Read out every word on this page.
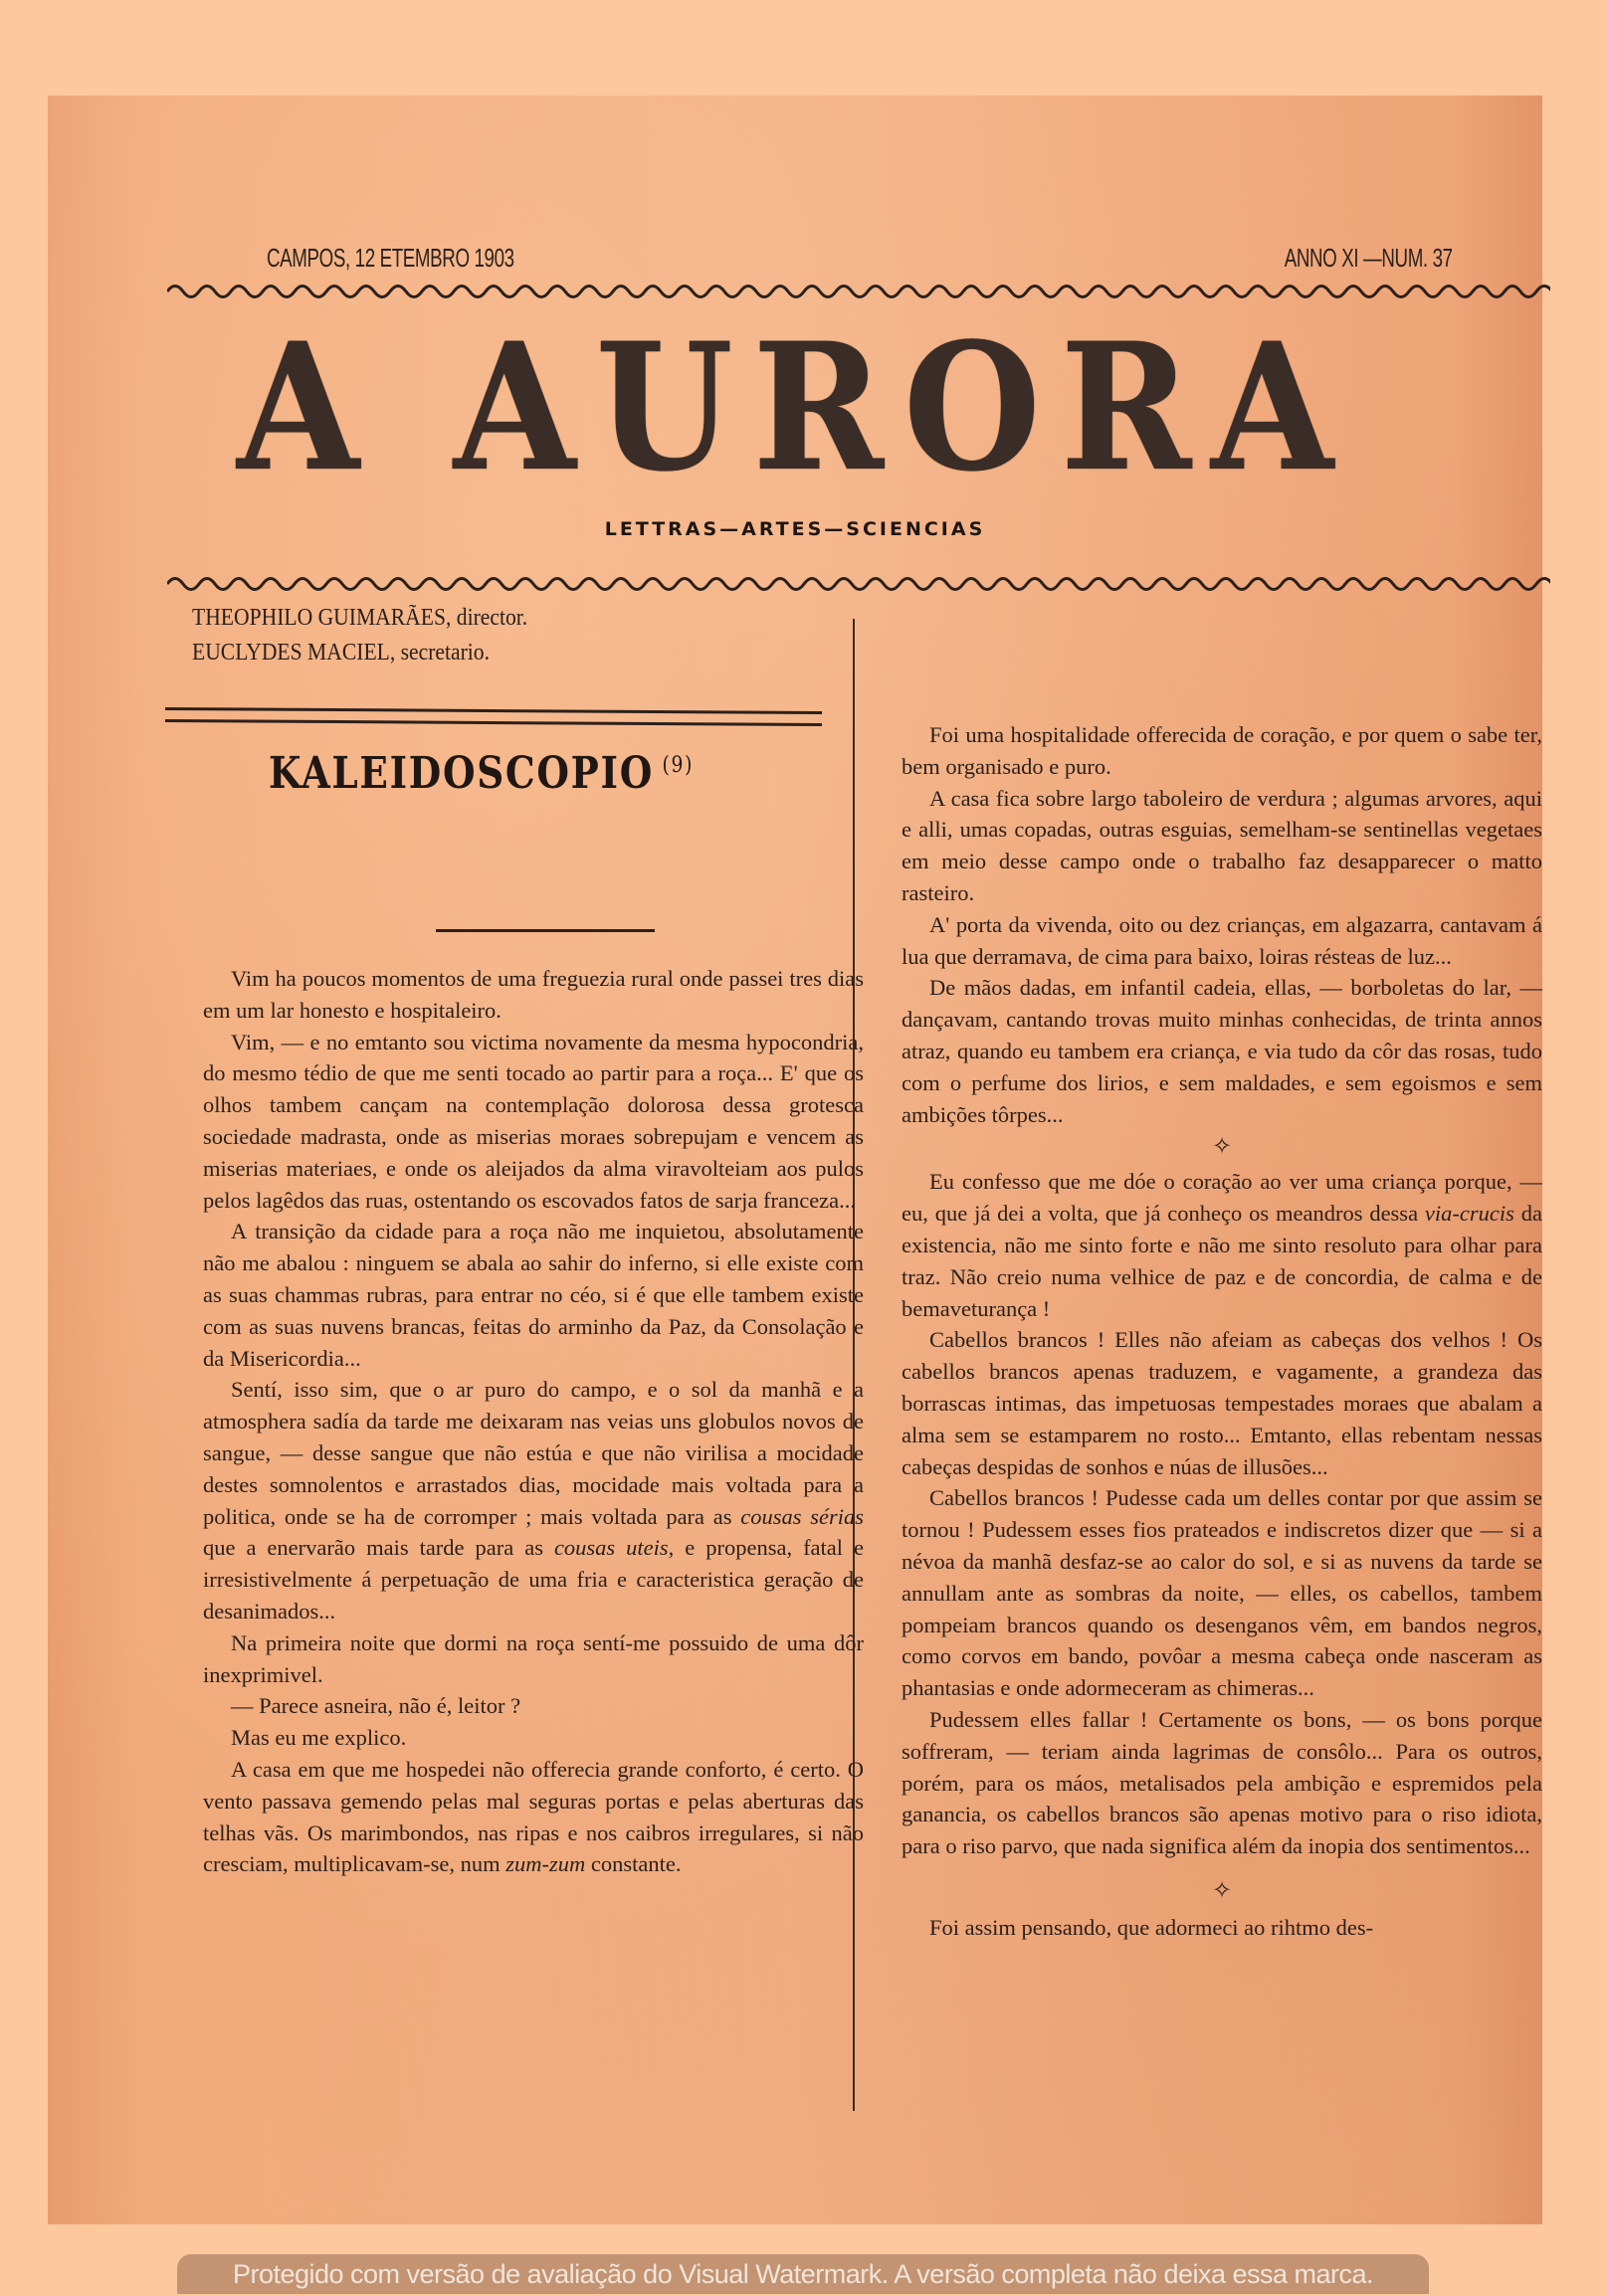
CAMPOS, 12 ETEMBRO 1903	ANNO XI —NUM. 37
A AURORA
LETTRAS—ARTES—SCIENCIAS
THEOPHILO GUIMARÃES, director.
EUCLYDES MACIEL, secretario.
KALEIDOSCOPIO $^{(9)}$

Vim ha poucos momentos de uma freguezia rural onde passei tres dias em um lar honesto e hospitaleiro.

Vim, — e no emtanto sou victima novamente da mesma hypocondria, do mesmo tédio de que me senti tocado ao partir para a roça... E' que os olhos tambem cançam na contemplação dolorosa dessa grotesca sociedade madrasta, onde as miserias moraes sobrepujam e vencem as miserias materiaes, e onde os aleijados da alma viravolteiam aos pulos pelos lagêdos das ruas, ostentando os escovados fatos de sarja franceza...

A transição da cidade para a roça não me inquietou, absolutamente não me abalou : ninguem se abala ao sahir do inferno, si elle existe com as suas chammas rubras, para entrar no céo, si é que elle tambem existe com as suas nuvens brancas, feitas do arminho da Paz, da Consolação e da Misericordia...

Sentí, isso sim, que o ar puro do campo, e o sol da manhã e a atmosphera sadía da tarde me deixaram nas veias uns globulos novos de sangue, — desse sangue que não estúa e que não virilisa a mocidade destes somnolentos e arrastados dias, mocidade mais voltada para a politica, onde se ha de corromper ; mais voltada para as cousas sérias que a enervarão mais tarde para as cousas uteis, e propensa, fatal e irresistivelmente á perpetuação de uma fria e caracteristica geração de desanimados...

Na primeira noite que dormi na roça sentí-me possuido de uma dôr inexprimivel.

— Parece asneira, não é, leitor ?

Mas eu me explico.

A casa em que me hospedei não offerecia grande conforto, é certo. O vento passava gemendo pelas mal seguras portas e pelas aberturas das telhas vãs. Os marimbondos, nas ripas e nos caibros irregulares, si não cresciam, multiplicavam-se, num zum-zum constante.

Foi uma hospitalidade offerecida de coração, e por quem o sabe ter, bem organisado e puro.

A casa fica sobre largo taboleiro de verdura ; algumas arvores, aqui e alli, umas copadas, outras esguias, semelham-se sentinellas vegetaes em meio desse campo onde o trabalho faz desapparecer o matto rasteiro.

A' porta da vivenda, oito ou dez crianças, em algazarra, cantavam á lua que derramava, de cima para baixo, loiras résteas de luz...

De mãos dadas, em infantil cadeia, ellas, — borboletas do lar, — dançavam, cantando trovas muito minhas conhecidas, de trinta annos atraz, quando eu tambem era criança, e via tudo da côr das rosas, tudo com o perfume dos lirios, e sem maldades, e sem egoismos e sem ambições tôrpes...

✧

Eu confesso que me dóe o coração ao ver uma criança porque, — eu, que já dei a volta, que já conheço os meandros dessa via-crucis da existencia, não me sinto forte e não me sinto resoluto para olhar para traz. Não creio numa velhice de paz e de concordia, de calma e de bemaveturança !

Cabellos brancos ! Elles não afeiam as cabeças dos velhos ! Os cabellos brancos apenas traduzem, e vagamente, a grandeza das borrascas intimas, das impetuosas tempestades moraes que abalam a alma sem se estamparem no rosto... Emtanto, ellas rebentam nessas cabeças despidas de sonhos e núas de illusões...

Cabellos brancos ! Pudesse cada um delles contar por que assim se tornou ! Pudessem esses fios prateados e indiscretos dizer que — si a névoa da manhã desfaz-se ao calor do sol, e si as nuvens da tarde se annullam ante as sombras da noite, — elles, os cabellos, tambem pompeiam brancos quando os desenganos vêm, em bandos negros, como corvos em bando, povôar a mesma cabeça onde nasceram as phantasias e onde adormeceram as chimeras...

Pudessem elles fallar ! Certamente os bons, — os bons porque soffreram, — teriam ainda lagrimas de consôlo... Para os outros, porém, para os máos, metalisados pela ambição e espremidos pela ganancia, os cabellos brancos são apenas motivo para o riso idiota, para o riso parvo, que nada significa além da inopia dos sentimentos...

✧

Foi assim pensando, que adormeci ao rihtmo des-

Protegido com versão de avaliação do Visual Watermark. A versão completa não deixa essa marca.
